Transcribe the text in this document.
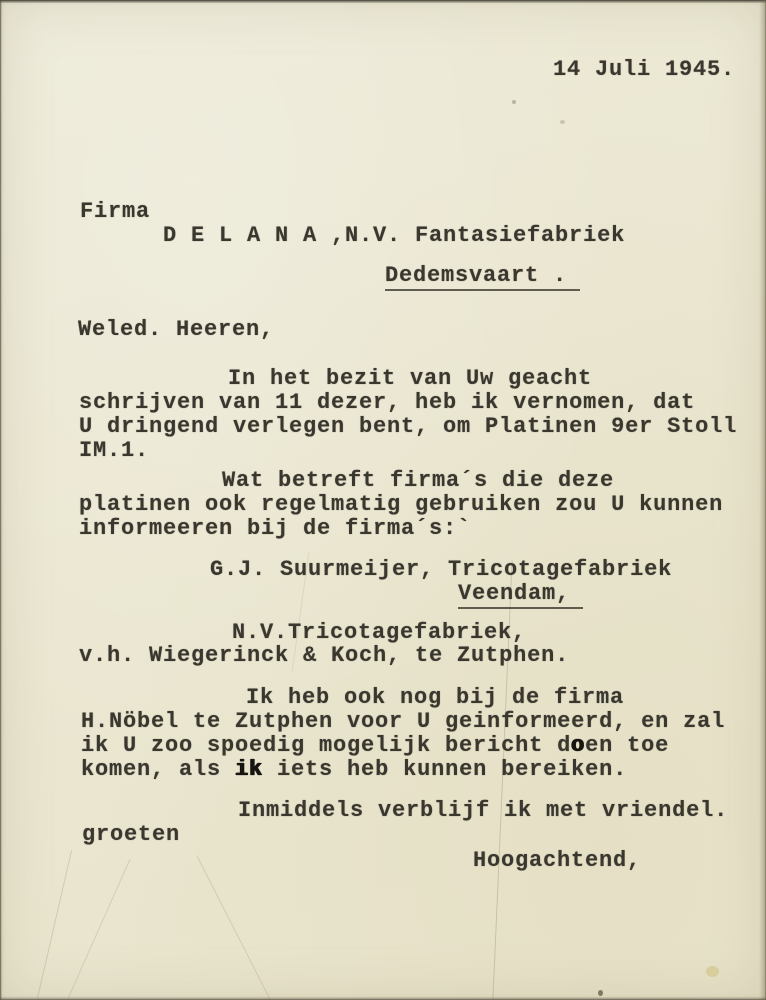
14 Juli 1945.
Firma
D E L A N A ,N.V. Fantasiefabriek
Dedemsvaart .
Weled. Heeren,
In het bezit van Uw geacht
schrijven van 11 dezer, heb ik vernomen, dat
U dringend verlegen bent, om Platinen 9er Stoll
IM.1.
Wat betreft firma´s die deze
platinen ook regelmatig gebruiken zou U kunnen
informeeren bij de firma´s:`
G.J. Suurmeijer, Tricotagefabriek
Veendam,
N.V.Tricotagefabriek,
v.h. Wiegerinck & Koch, te Zutphen.
Ik heb ook nog bij de firma
H.Nöbel te Zutphen voor U geinformeerd, en zal
ik U zoo spoedig mogelijk bericht doen toe
komen, als ik iets heb kunnen bereiken.
Inmiddels verblijf ik met vriendel.
groeten
Hoogachtend,
